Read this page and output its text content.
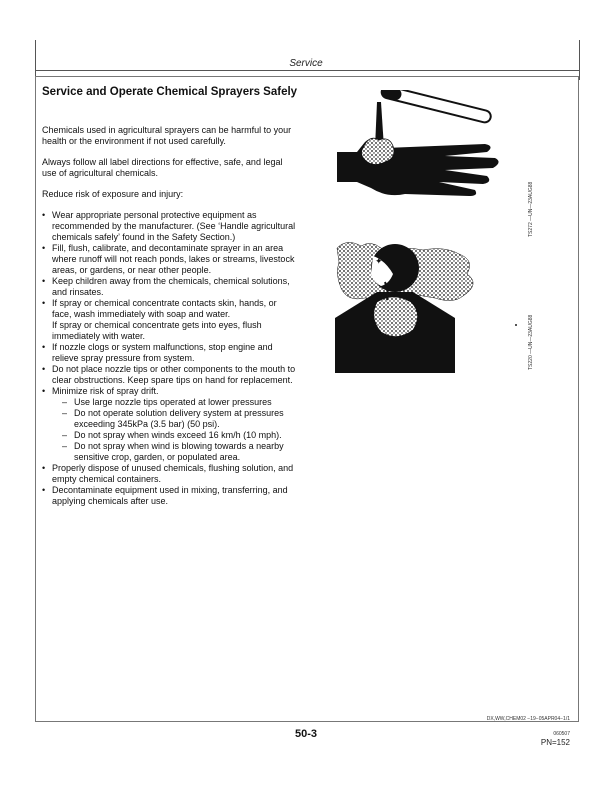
Service
Service and Operate Chemical Sprayers Safely

Chemicals used in agricultural sprayers can be harmful to your health or the environment if not used carefully.

Always follow all label directions for effective, safe, and legal use of agricultural chemicals.

Reduce risk of exposure and injury:

• Wear appropriate personal protective equipment as recommended by the manufacturer. (See ‘Handle agricultural chemicals safely’ found in the Safety Section.)
• Fill, flush, calibrate, and decontaminate sprayer in an area where runoff will not reach ponds, lakes or streams, livestock areas, or gardens, or near other people.
• Keep children away from the chemicals, chemical solutions, and rinsates.
• If spray or chemical concentrate contacts skin, hands, or face, wash immediately with soap and water.
If spray or chemical concentrate gets into eyes, flush immediately with water.
• If nozzle clogs or system malfunctions, stop engine and relieve spray pressure from system.
• Do not place nozzle tips or other components to the mouth to clear obstructions. Keep spare tips on hand for replacement.
• Minimize risk of spray drift.
– Use large nozzle tips operated at lower pressures
– Do not operate solution delivery system at pressures exceeding 345kPa (3.5 bar) (50 psi).
– Do not spray when winds exceed 16 km/h (10 mph).
– Do not spray when wind is blowing towards a nearby sensitive crop, garden, or populated area.
• Properly dispose of unused chemicals, flushing solution, and empty chemical containers.
• Decontaminate equipment used in mixing, transferring, and applying chemicals after use.
TS272 —UN—23AUG88
✦
TS220 —UN—23AUG88
DX,WW,CHEM02 −19−05APR04−1/1
50-3	060507
PN=152
